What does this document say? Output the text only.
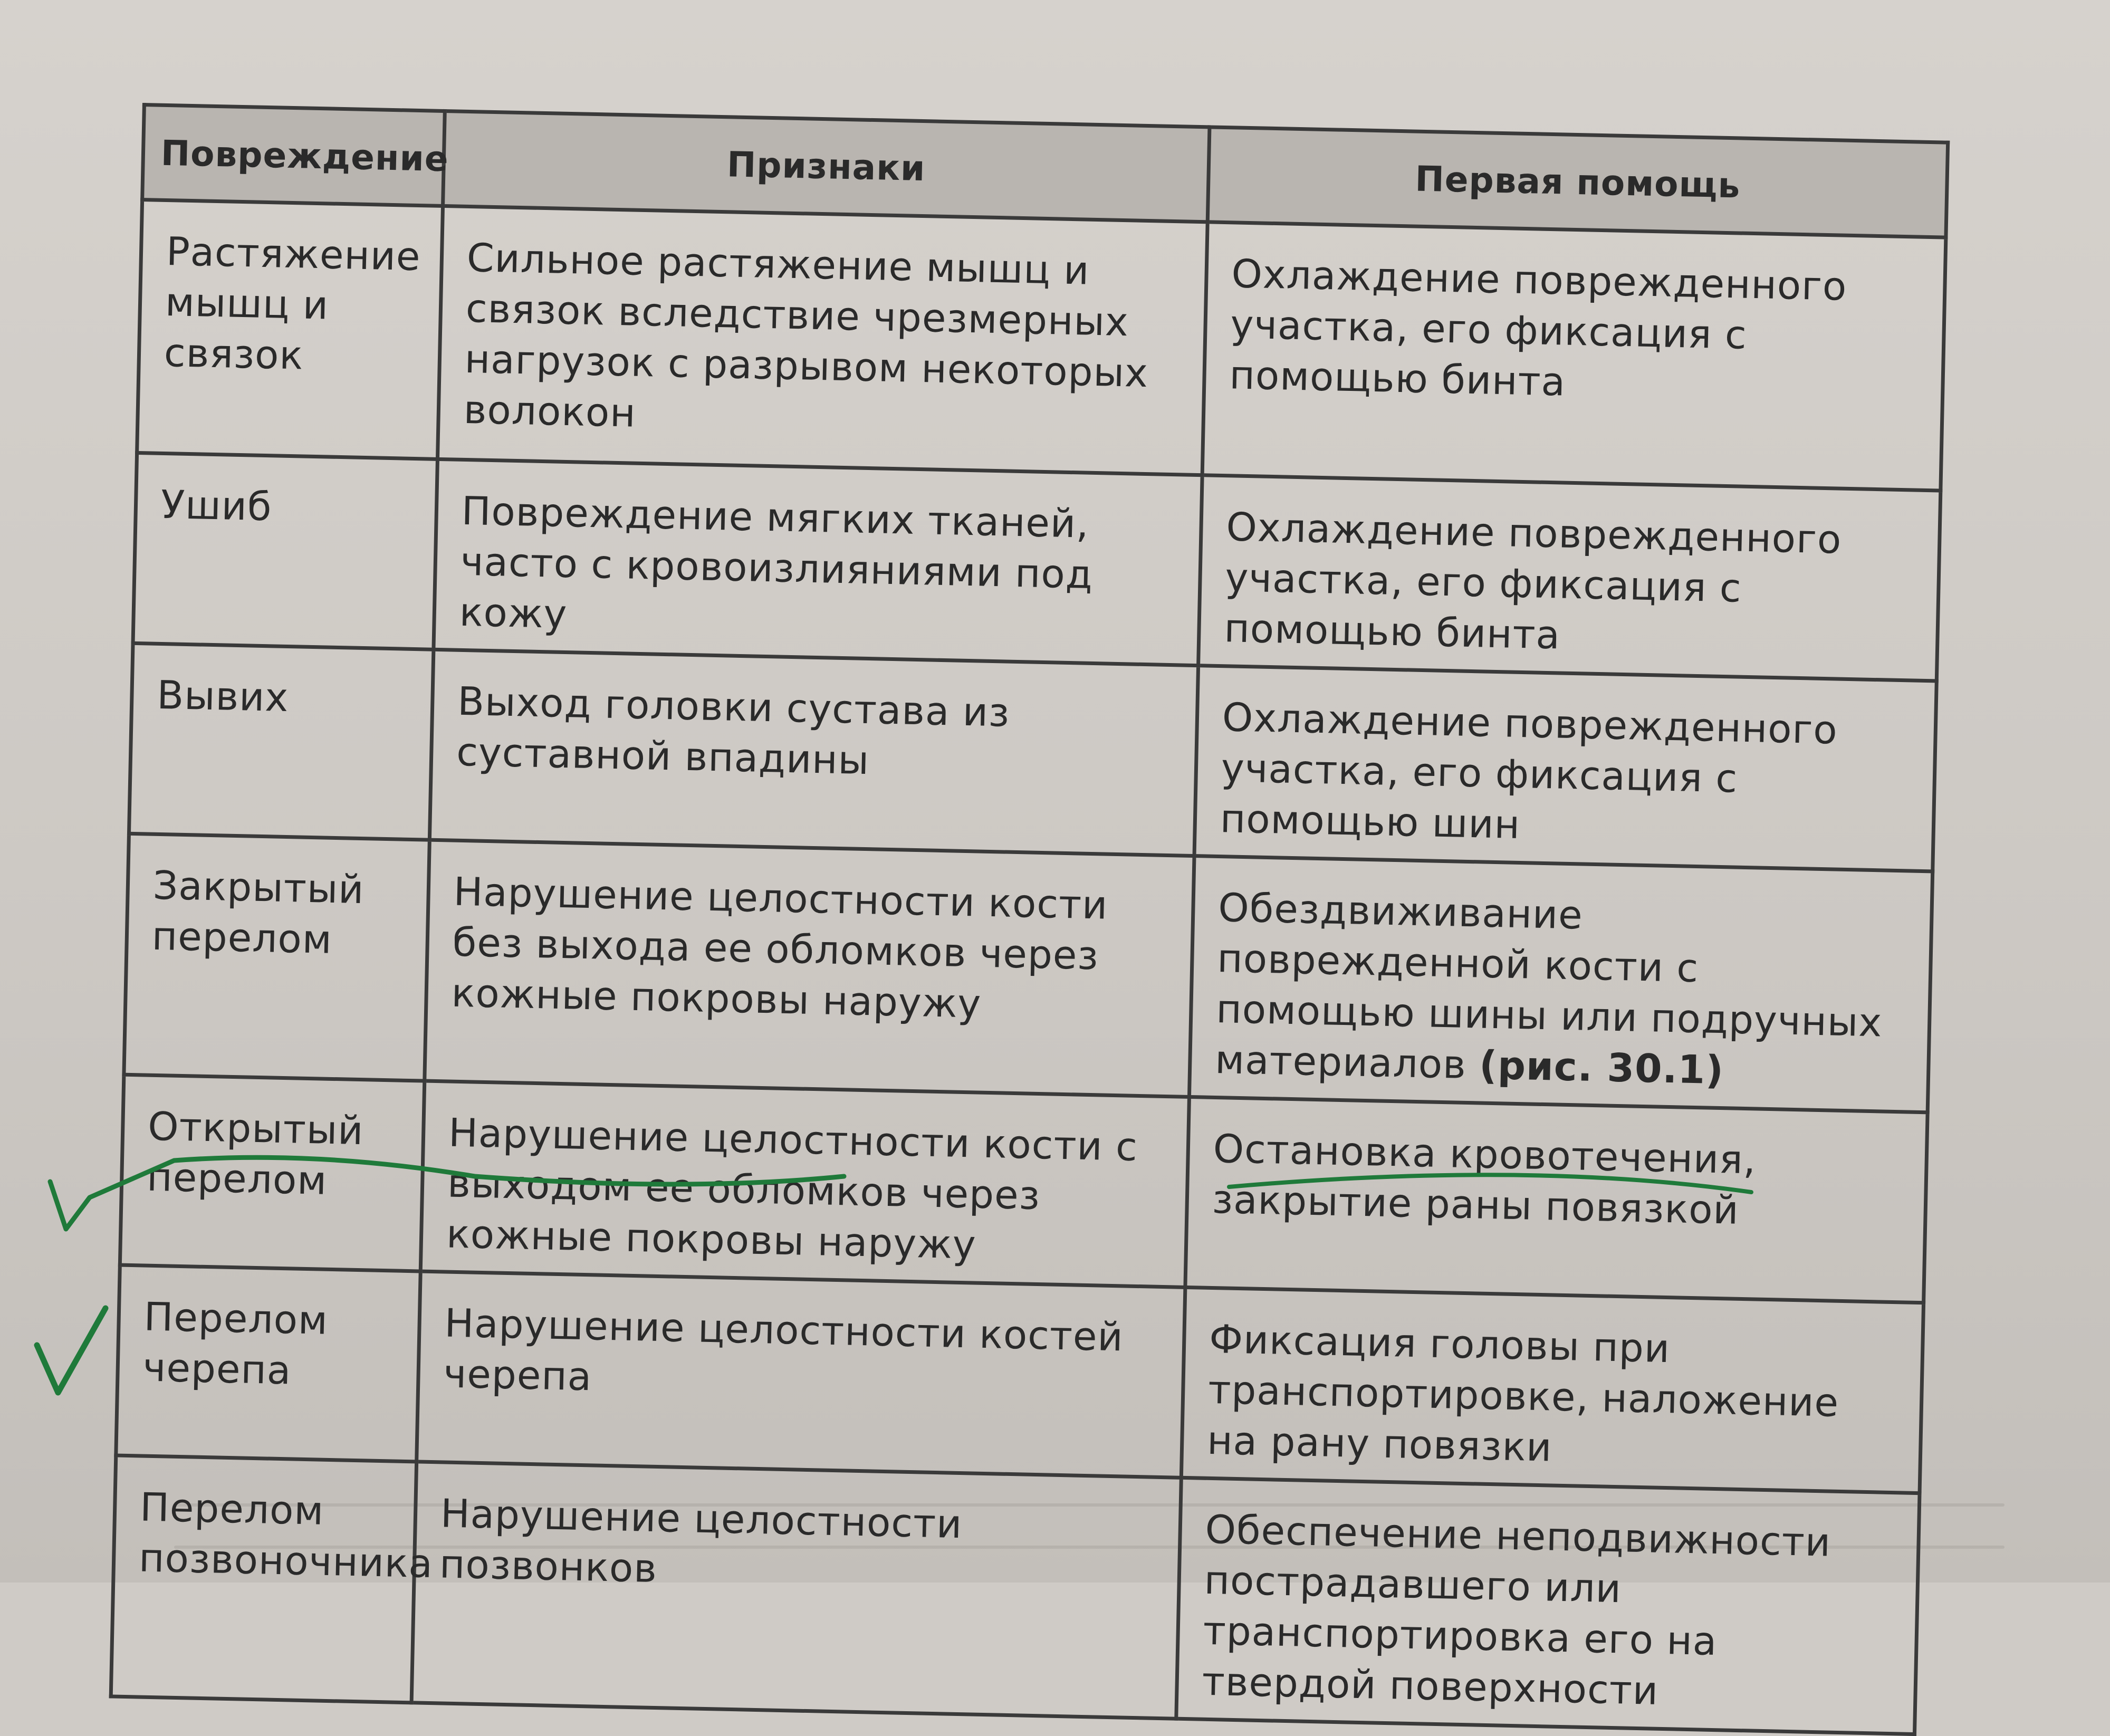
Повреждение	Признаки	Первая помощь
Растяжение мышц и связок	Сильное растяжение мышц и связок вследствие чрезмерных нагрузок с разрывом некоторых волокон	Охлаждение поврежденного участка, его фиксация с помощью бинта
Ушиб	Повреждение мягких тканей, часто с кровоизлияниями под кожу	Охлаждение поврежденного участка, его фиксация с помощью бинта
Вывих	Выход головки сустава из суставной впадины	Охлаждение поврежденного участка, его фиксация с помощью шин
Закрытый перелом	Нарушение целостности кости без выхода ее обломков через кожные покровы наружу	Обездвиживание поврежденной кости с помощью шины или подручных материалов (рис. 30.1)
Открытый перелом	Нарушение целостности кости с выходом ее обломков через кожные покровы наружу	Остановка кровотечения, закрытие раны повязкой
Перелом черепа	Нарушение целостности костей черепа	Фиксация головы при транспортировке, наложение на рану повязки
Перелом позвоночника	Нарушение целостности позвонков	Обеспечение неподвижности пострадавшего или транспортировка его на твердой поверхности
